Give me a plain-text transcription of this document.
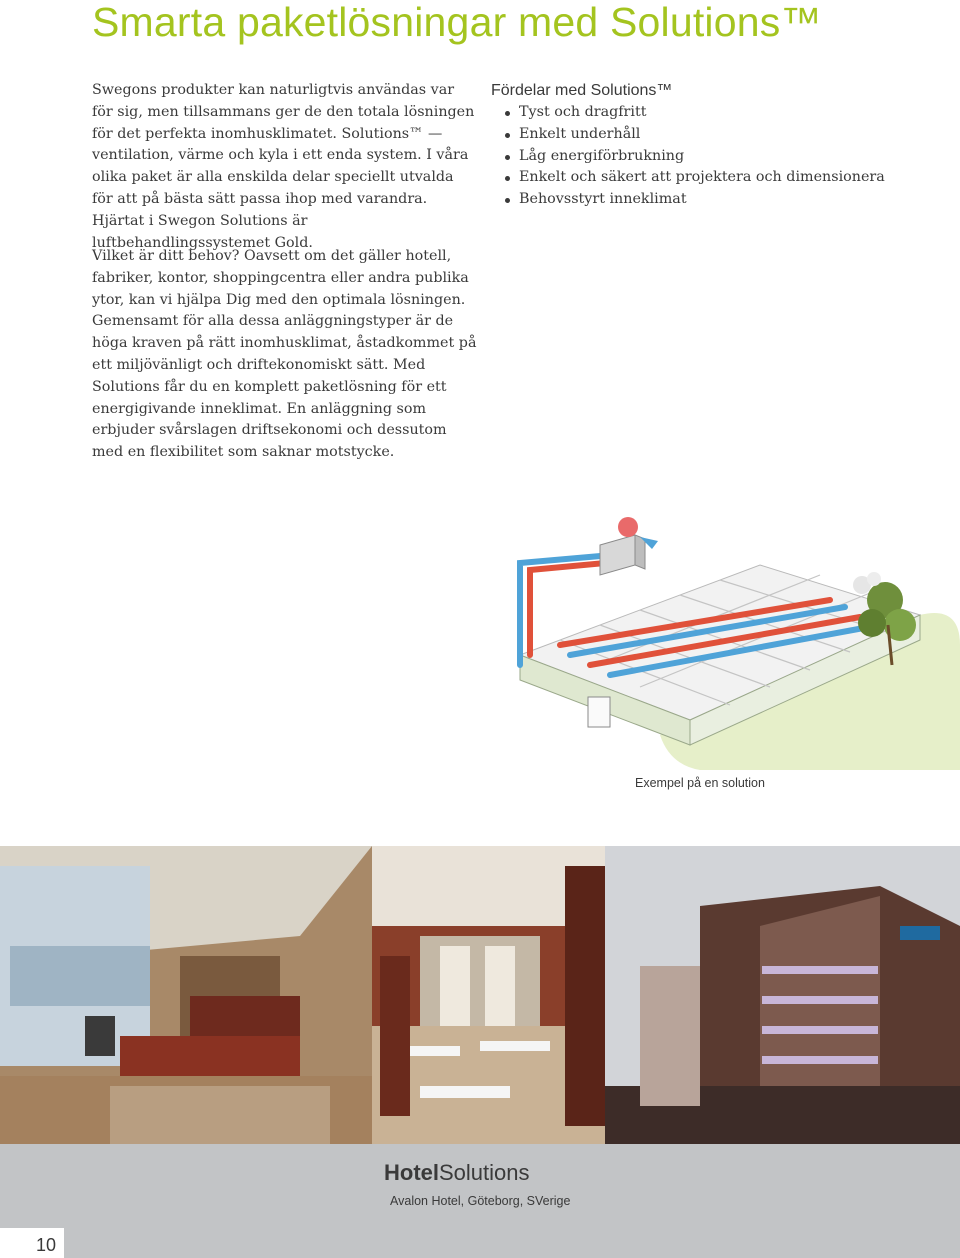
Smarta paketlösningar med Solutions™

Swegons produkter kan naturligtvis användas var för sig, men tillsammans ger de den totala lösningen för det perfekta inomhusklimatet. Solutions™ — ventilation, värme och kyla i ett enda system. I våra olika paket är alla enskilda delar speciellt utvalda för att på bästa sätt passa ihop med varandra. Hjärtat i Swegon Solutions är luftbehandlingssystemet Gold.

Vilket är ditt behov? Oavsett om det gäller hotell, fabriker, kontor, shoppingcentra eller andra publika ytor, kan vi hjälpa Dig med den optimala lösningen. Gemensamt för alla dessa anläggningstyper är de höga kraven på rätt inomhusklimat, åstadkommet på ett miljövänligt och driftekonomiskt sätt. Med Solutions får du en komplett paketlösning för ett energigivande inneklimat. En anläggning som erbjuder svårslagen driftsekonomi och dessutom med en flexibilitet som saknar motstycke.

Fördelar med Solutions™
Tyst och dragfritt
Enkelt underhåll
Låg energiförbrukning
Enkelt och säkert att projektera och dimensionera
Behovsstyrt inneklimat
Exempel på en solution
10
HotelSolutions
Avalon Hotel, Göteborg, SVerige
